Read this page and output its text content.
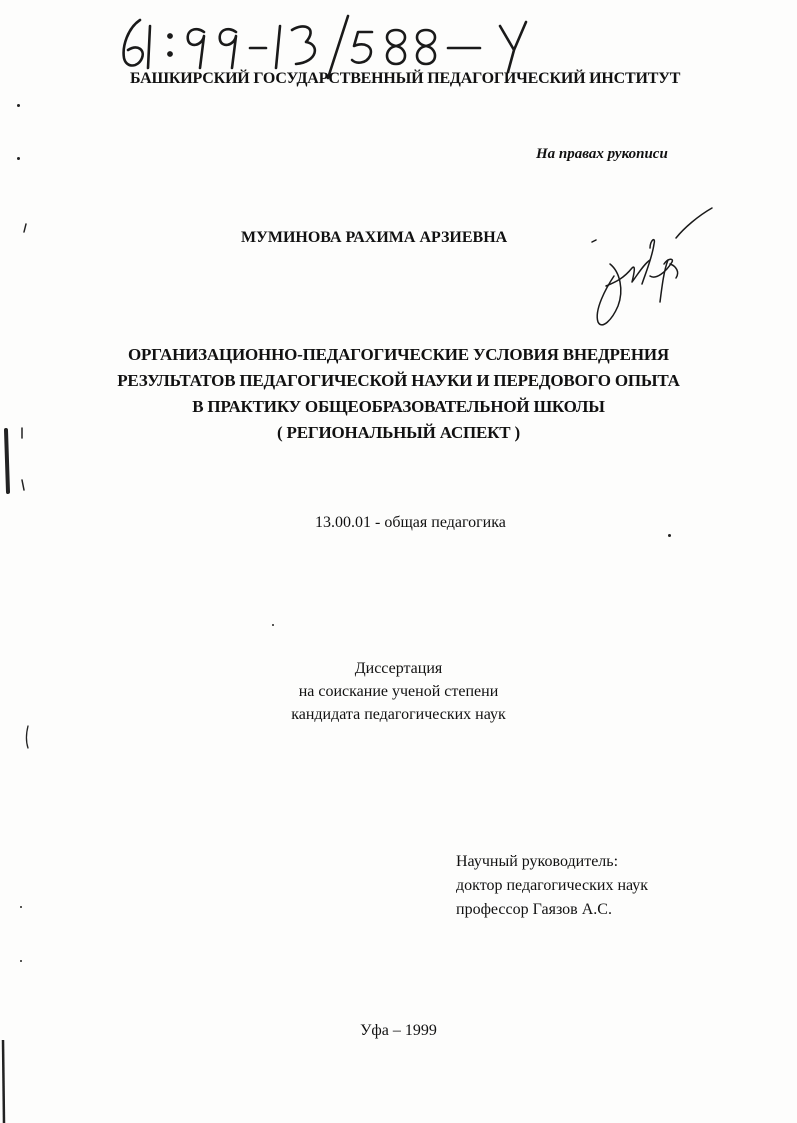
БАШКИРСКИЙ ГОСУДАРСТВЕННЫЙ ПЕДАГОГИЧЕСКИЙ ИНСТИТУТ
На правах рукописи
МУМИНОВА РАХИМА АРЗИЕВНА
ОРГАНИЗАЦИОННО-ПЕДАГОГИЧЕСКИЕ УСЛОВИЯ ВНЕДРЕНИЯ
РЕЗУЛЬТАТОВ ПЕДАГОГИЧЕСКОЙ НАУКИ И ПЕРЕДОВОГО ОПЫТА
В ПРАКТИКУ ОБЩЕОБРАЗОВАТЕЛЬНОЙ ШКОЛЫ
( РЕГИОНАЛЬНЫЙ АСПЕКТ )
13.00.01 - общая педагогика
Диссертация
на соискание ученой степени
кандидата педагогических наук
Научный руководитель:
доктор педагогических наук
профессор Гаязов А.С.
Уфа – 1999
